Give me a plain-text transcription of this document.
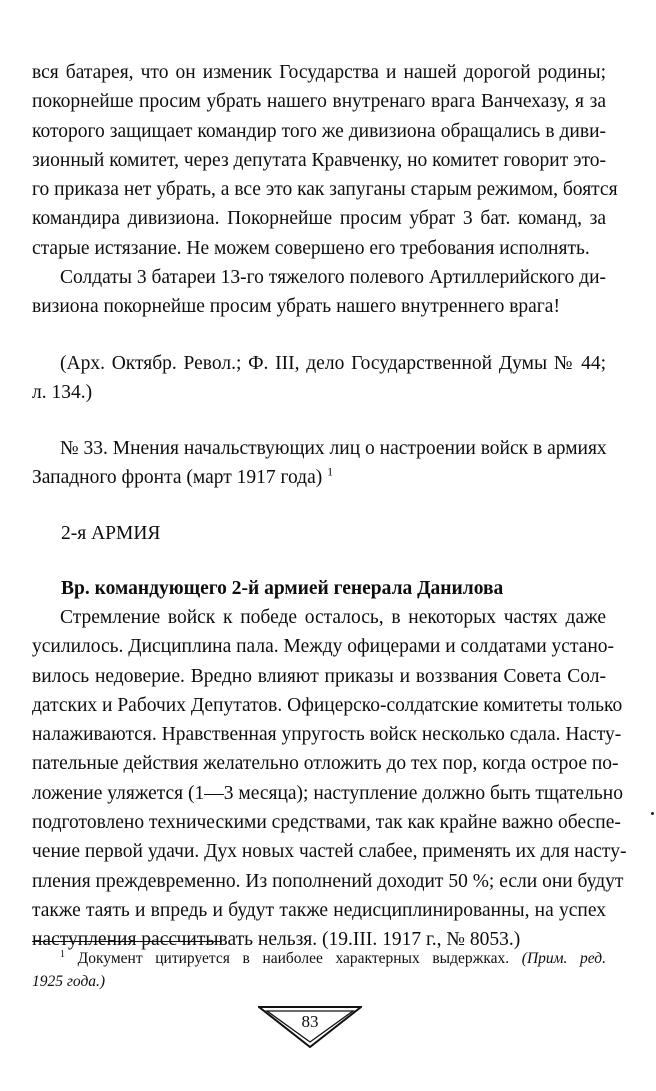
вся батарея, что он изменик Государства и нашей дорогой родины;
покорнейше просим убрать нашего внутренаго врага Ванчехазу, я за
которого защищает командир того же дивизиона обращались в диви-
зионный комитет, через депутата Кравченку, но комитет говорит это-
го приказа нет убрать, а все это как запуганы старым режимом, боятся
командира дивизиона. Покорнейше просим убрат 3 бат. команд, за
старые истязание. Не можем совершено его требования исполнять.
Солдаты 3 батареи 13-го тяжелого полевого Артиллерийского ди-
визиона покорнейше просим убрать нашего внутреннего врага!
(Арх. Октябр. Револ.; Ф. III, дело Государственной Думы № 44;
л. 134.)
№ 33. Мнения начальствующих лиц о настроении войск в армиях
Западного фронта (март 1917 года) $^1$
2-я АРМИЯ
Вр. командующего 2-й армией генерала Данилова
Стремление войск к победе осталось, в некоторых частях даже
усилилось. Дисциплина пала. Между офицерами и солдатами устано-
вилось недоверие. Вредно влияют приказы и воззвания Совета Сол-
датских и Рабочих Депутатов. Офицерско-солдатские комитеты только
налаживаются. Нравственная упругость войск несколько сдала. Насту-
пательные действия желательно отложить до тех пор, когда острое по-
ложение уляжется (1—3 месяца); наступление должно быть тщательно
подготовлено техническими средствами, так как крайне важно обеспе-
чение первой удачи. Дух новых частей слабее, применять их для насту-
пления преждевременно. Из пополнений доходит 50 %; если они будут
также таять и впредь и будут также недисциплинированны, на успех
наступления рассчитывать нельзя. (19.III. 1917 г., № 8053.)
$^1$ Документ цитируется в наиболее характерных выдержках. (Прим. ред.
1925 года.)
83
